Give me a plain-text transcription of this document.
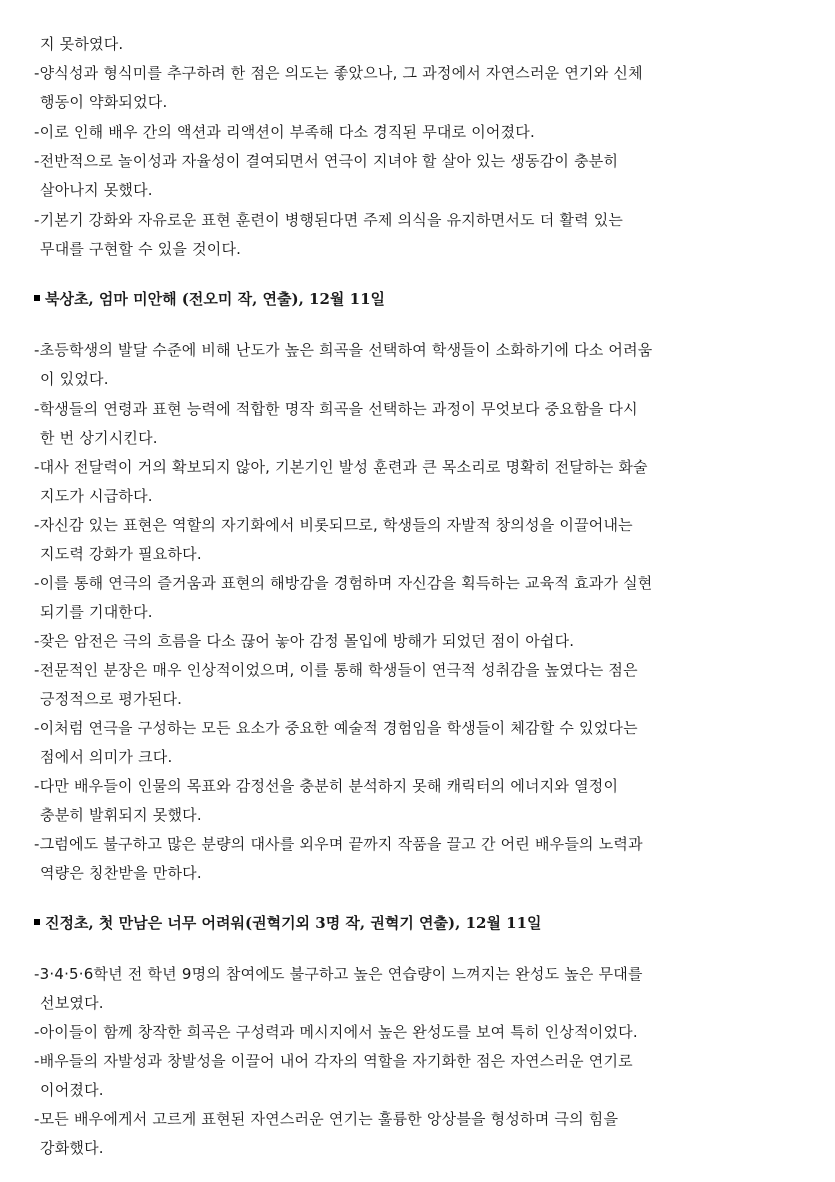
지 못하였다.
-양식성과 형식미를 추구하려 한 점은 의도는 좋았으나, 그 과정에서 자연스러운 연기와 신체
행동이 약화되었다.
-이로 인해 배우 간의 액션과 리액션이 부족해 다소 경직된 무대로 이어졌다.
-전반적으로 놀이성과 자율성이 결여되면서 연극이 지녀야 할 살아 있는 생동감이 충분히
살아나지 못했다.
-기본기 강화와 자유로운 표현 훈련이 병행된다면 주제 의식을 유지하면서도 더 활력 있는
무대를 구현할 수 있을 것이다.
북상초, 엄마 미안해 (전오미 작, 연출), 12월 11일
-초등학생의 발달 수준에 비해 난도가 높은 희곡을 선택하여 학생들이 소화하기에 다소 어려움
이 있었다.
-학생들의 연령과 표현 능력에 적합한 명작 희곡을 선택하는 과정이 무엇보다 중요함을 다시
한 번 상기시킨다.
-대사 전달력이 거의 확보되지 않아, 기본기인 발성 훈련과 큰 목소리로 명확히 전달하는 화술
지도가 시급하다.
-자신감 있는 표현은 역할의 자기화에서 비롯되므로, 학생들의 자발적 창의성을 이끌어내는
지도력 강화가 필요하다.
-이를 통해 연극의 즐거움과 표현의 해방감을 경험하며 자신감을 획득하는 교육적 효과가 실현
되기를 기대한다.
-잦은 암전은 극의 흐름을 다소 끊어 놓아 감정 몰입에 방해가 되었던 점이 아쉽다.
-전문적인 분장은 매우 인상적이었으며, 이를 통해 학생들이 연극적 성취감을 높였다는 점은
긍정적으로 평가된다.
-이처럼 연극을 구성하는 모든 요소가 중요한 예술적 경험임을 학생들이 체감할 수 있었다는
점에서 의미가 크다.
-다만 배우들이 인물의 목표와 감정선을 충분히 분석하지 못해 캐릭터의 에너지와 열정이
충분히 발휘되지 못했다.
-그럼에도 불구하고 많은 분량의 대사를 외우며 끝까지 작품을 끌고 간 어린 배우들의 노력과
역량은 칭찬받을 만하다.
진정초, 첫 만남은 너무 어려워(권혁기외 3명 작, 권혁기 연출), 12월 11일
-3·4·5·6학년 전 학년 9명의 참여에도 불구하고 높은 연습량이 느껴지는 완성도 높은 무대를
선보였다.
-아이들이 함께 창작한 희곡은 구성력과 메시지에서 높은 완성도를 보여 특히 인상적이었다.
-배우들의 자발성과 창발성을 이끌어 내어 각자의 역할을 자기화한 점은 자연스러운 연기로
이어졌다.
-모든 배우에게서 고르게 표현된 자연스러운 연기는 훌륭한 앙상블을 형성하며 극의 힘을
강화했다.
